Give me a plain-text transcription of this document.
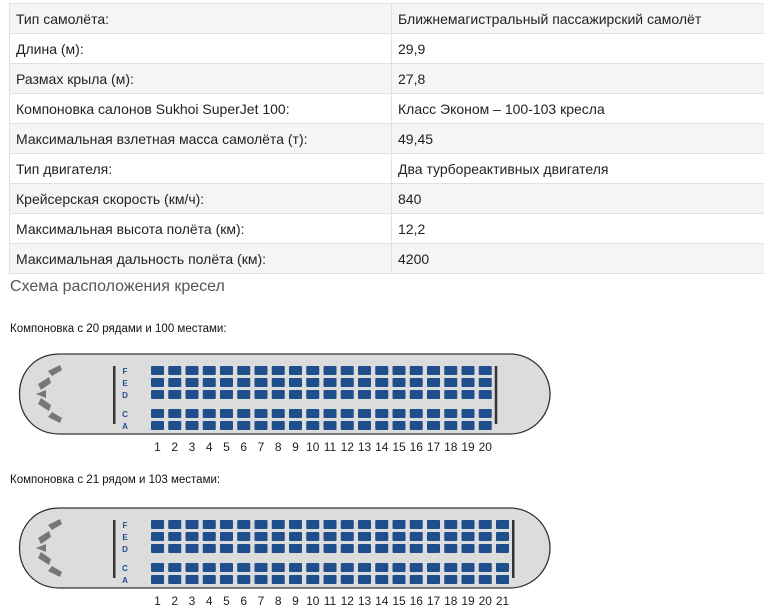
Тип самолёта:	Ближнемагистральный пассажирский самолёт
Длина (м):	29,9
Размах крыла (м):	27,8
Компоновка салонов Sukhoi SuperJet 100:	Класс Эконом – 100-103 кресла
Максимальная взлетная масса самолёта (т):	49,45
Тип двигателя:	Два турбореактивных двигателя
Крейсерская скорость (км/ч):	840
Максимальная высота полёта (км):	12,2
Максимальная дальность полёта (км):	4200
Схема расположения кресел
Компоновка с 20 рядами и 100 местами:
F
E
D
C
A
1 2 3 4 5 6 7 8 9 10 11 12 13 14 15 16 17 18 19 20
Компоновка с 21 рядом и 103 местами:
F
E
D
C
A
1 2 3 4 5 6 7 8 9 10 11 12 13 14 15 16 17 18 19 20 21
